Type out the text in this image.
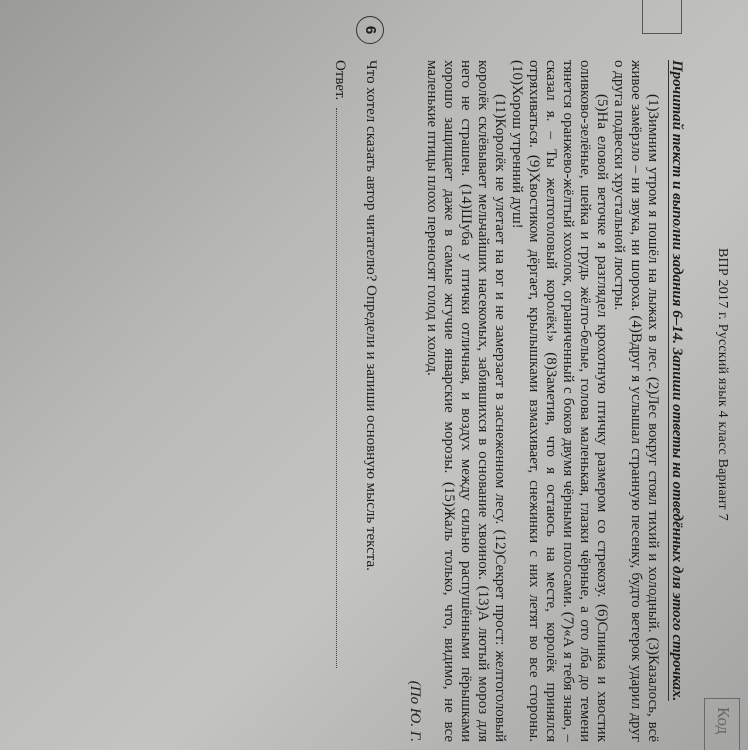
ВПР 2017 г. Русский язык 4 класс Вариант 7
Код
Прочитай текст и выполни задания 6–14. Запиши ответы на отведённых для этого строчках.

(1)Зимним утром я пошёл на лыжах в лес. (2)Лес вокруг стоял тихий и холодный. (3)Казалось, всё живое замёрзло – ни звука, ни шороха. (4)Вдруг я услышал странную песенку, будто ветерок ударил друг о друга подвески хрустальной люстры.

(5)На еловой веточке я разглядел крохотную птичку размером со стрекозу. (6)Спинка и хвостик оливково-зелёные, шейка и грудь жёлто-белые, голова маленькая, глазки чёрные, а ото лба до темени тянется оранжево-жёлтый хохолок, ограниченный с боков двумя чёрными полосами. (7)«А я тебя знаю, – сказал я. – Ты желтоголовый королёк!» (8)Заметив, что я остаюсь на месте, королёк принялся отряхиваться. (9)Хвостиком дёргает, крылышками взмахивает, снежинки с них летят во все стороны. (10)Хорош утренний душ!

(11)Королёк не улетает на юг и не замерзает в заснеженном лесу. (12)Секрет прост: желтоголовый королёк склёвывает мельчайших насекомых, забившихся в основание хвоинок. (13)А лютый мороз для него не страшен. (14)Шуба у птички отличная, и воздух между сильно распушёнными пёрышками хорошо защищает даже в самые жгучие январские морозы. (15)Жаль только, что, видимо, не все маленькие птицы плохо переносят голод и холод.

(По Ю. Г.

6
Что хотел сказать автор читателю? Определи и запиши основную мысль текста.
Ответ.
